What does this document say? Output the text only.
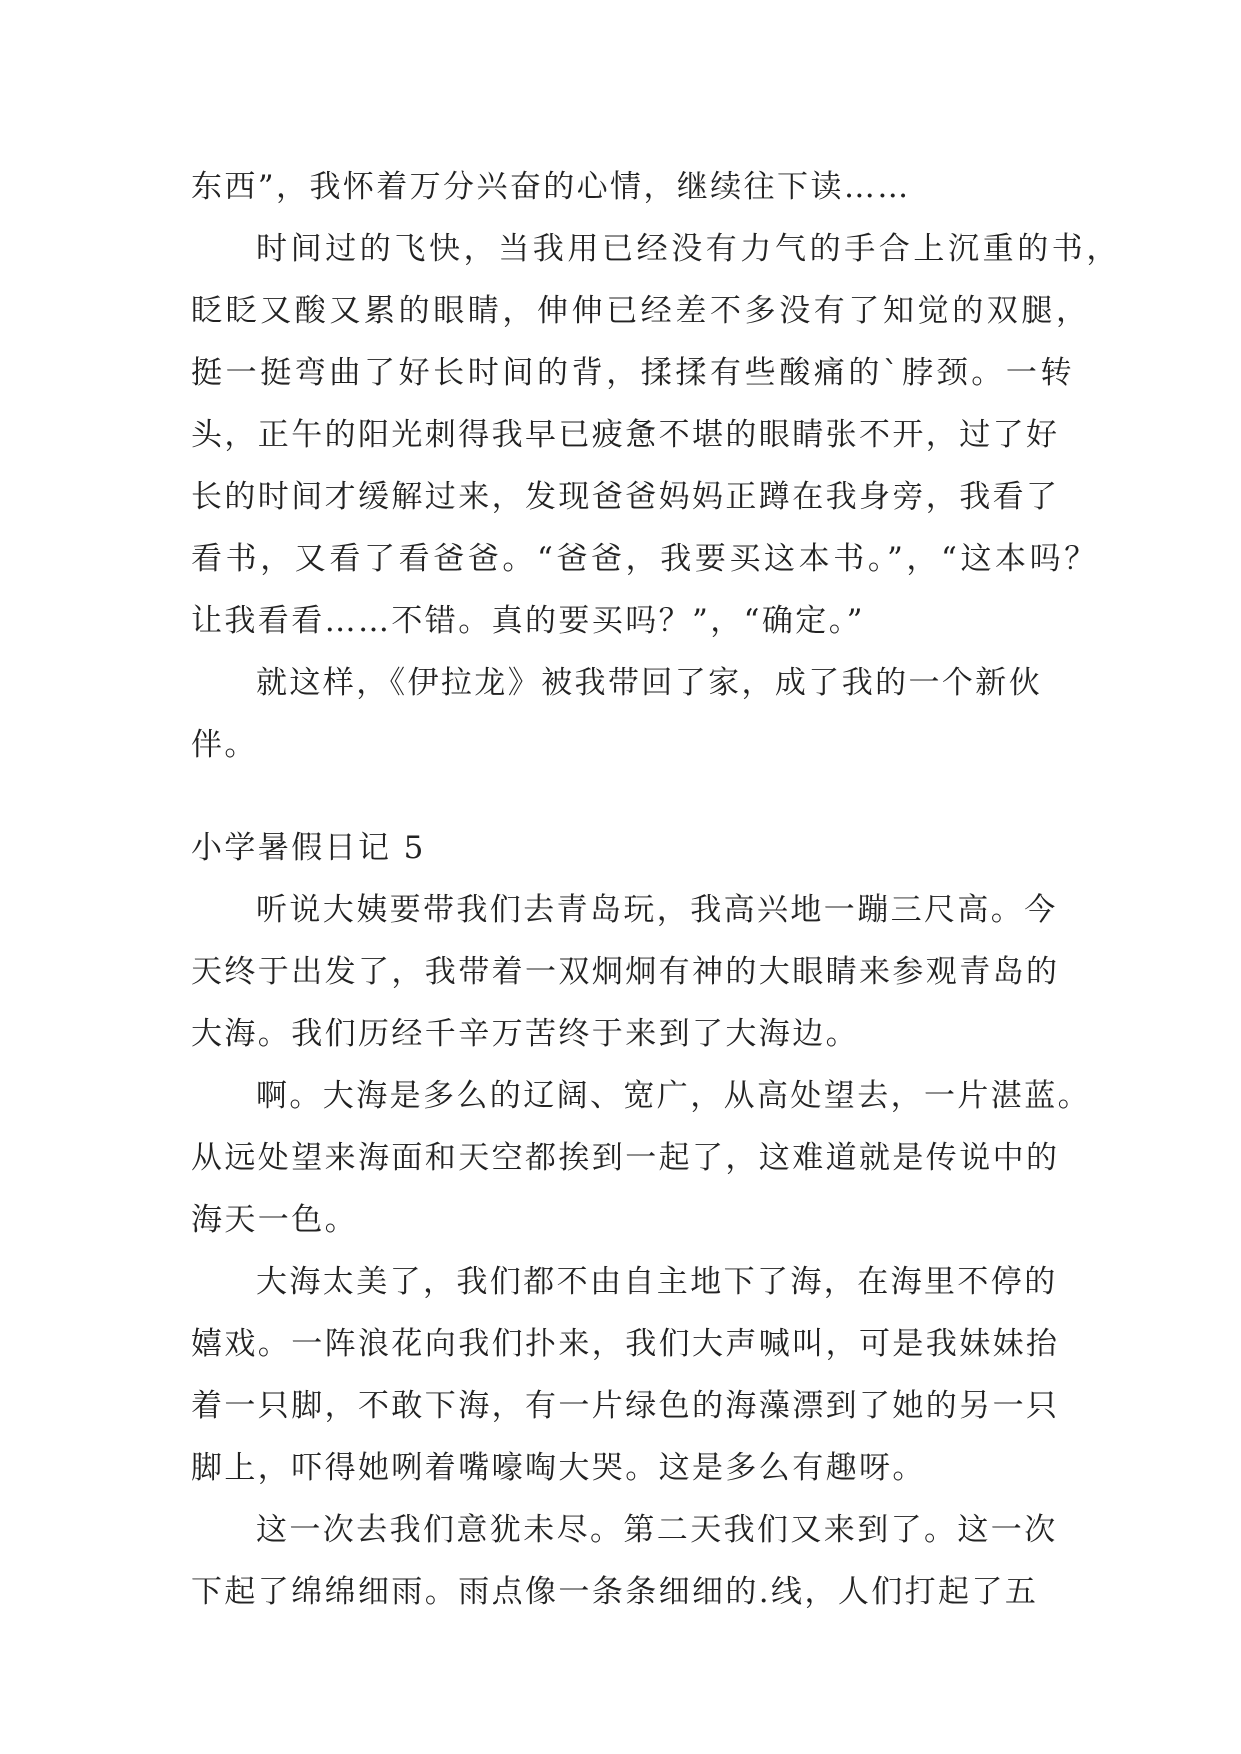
东西”，我怀着万分兴奋的心情，继续往下读……

时间过的飞快，当我用已经没有力气的手合上沉重的书，

眨眨又酸又累的眼睛，伸伸已经差不多没有了知觉的双腿，

挺一挺弯曲了好长时间的背，揉揉有些酸痛的`脖颈。一转

头，正午的阳光刺得我早已疲惫不堪的眼睛张不开，过了好

长的时间才缓解过来，发现爸爸妈妈正蹲在我身旁，我看了

看书，又看了看爸爸。“爸爸，我要买这本书。”，“这本吗？

让我看看……不错。真的要买吗？”，“确定。”

就这样，《伊拉龙》被我带回了家，成了我的一个新伙

伴。

小学暑假日记 5

听说大姨要带我们去青岛玩，我高兴地一蹦三尺高。今

天终于出发了，我带着一双炯炯有神的大眼睛来参观青岛的

大海。我们历经千辛万苦终于来到了大海边。

啊。大海是多么的辽阔、宽广，从高处望去，一片湛蓝。

从远处望来海面和天空都挨到一起了，这难道就是传说中的

海天一色。

大海太美了，我们都不由自主地下了海，在海里不停的

嬉戏。一阵浪花向我们扑来，我们大声喊叫，可是我妹妹抬

着一只脚，不敢下海，有一片绿色的海藻漂到了她的另一只

脚上，吓得她咧着嘴嚎啕大哭。这是多么有趣呀。

这一次去我们意犹未尽。第二天我们又来到了。这一次

下起了绵绵细雨。雨点像一条条细细的.线，人们打起了五
